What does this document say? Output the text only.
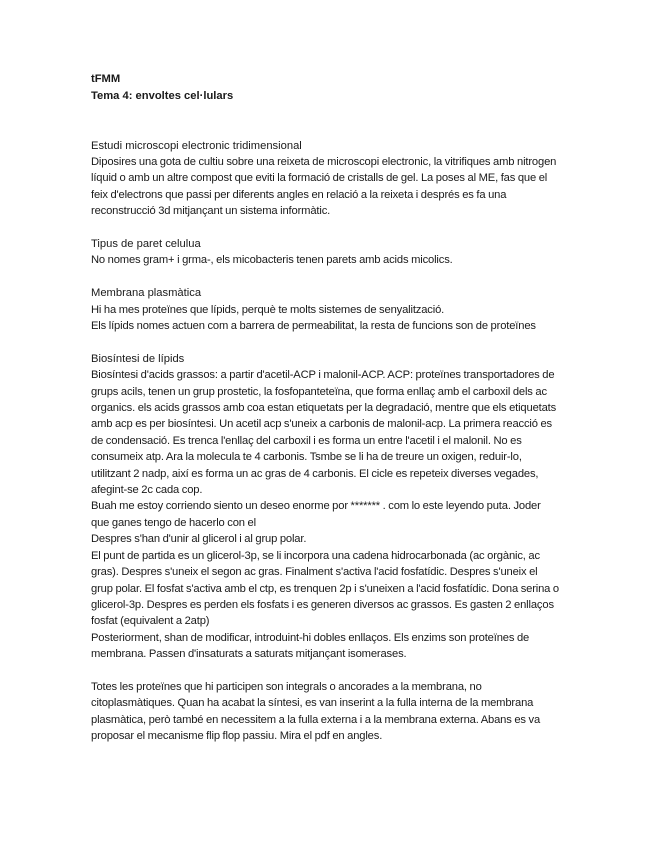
tFMM

Tema 4: envoltes cel·lulars

Estudi microscopi electronic tridimensional

Diposires una gota de cultiu sobre una reixeta de microscopi electronic, la vitrifiques amb nitrogen líquid o amb un altre compost que eviti la formació de cristalls de gel. La poses al ME, fas que el feix d'electrons que passi per diferents angles en relació a la reixeta i després es fa una reconstrucció 3d mitjançant un sistema informàtic.

Tipus de paret celulua

No nomes gram+ i grma-, els micobacteris tenen parets amb acids micolics.

Membrana plasmàtica

Hi ha mes proteïnes que lípids, perquè te molts sistemes de senyalització.

Els lípids nomes actuen com a barrera de permeabilitat, la resta de funcions son de proteïnes

Biosíntesi de lípids

Biosíntesi d'acids grassos: a partir d'acetil-ACP i malonil-ACP. ACP: proteïnes transportadores de grups acils, tenen un grup prostetic, la fosfopanteteïna, que forma enllaç amb el carboxil dels ac organics. els acids grassos amb coa estan etiquetats per la degradació, mentre que els etiquetats amb acp es per biosíntesi. Un acetil acp s'uneix a carbonis de malonil-acp. La primera reacció es de condensació. Es trenca l'enllaç del carboxil i es forma un entre l'acetil i el malonil. No es consumeix atp. Ara la molecula te 4 carbonis. Tsmbe se li ha de treure un oxigen, reduir-lo, utilitzant 2 nadp, així es forma un ac gras de 4 carbonis. El cicle es repeteix diverses vegades, afegint-se 2c cada cop.

Buah me estoy corriendo siento un deseo enorme por ******* . com lo este leyendo puta. Joder que ganes tengo de hacerlo con el

Despres s'han d'unir al glicerol i al grup polar.

El punt de partida es un glicerol-3p, se li incorpora una cadena hidrocarbonada (ac orgànic, ac gras). Despres s'uneix el segon ac gras. Finalment s'activa l'acid fosfatídic. Despres s'uneix el grup polar. El fosfat s'activa amb el ctp, es trenquen 2p i s'uneixen a l'acid fosfatídic. Dona serina o glicerol-3p. Despres es perden els fosfats i es generen diversos ac grassos. Es gasten 2 enllaços fosfat (equivalent a 2atp)

Posteriorment, shan de modificar, introduint-hi dobles enllaços. Els enzims son proteïnes de membrana. Passen d'insaturats a saturats mitjançant isomerases.

Totes les proteïnes que hi participen son integrals o ancorades a la membrana, no citoplasmàtiques. Quan ha acabat la síntesi, es van inserint a la fulla interna de la membrana plasmàtica, però també en necessitem a la fulla externa i a la membrana externa. Abans es va proposar el mecanisme flip flop passiu. Mira el pdf en angles.
